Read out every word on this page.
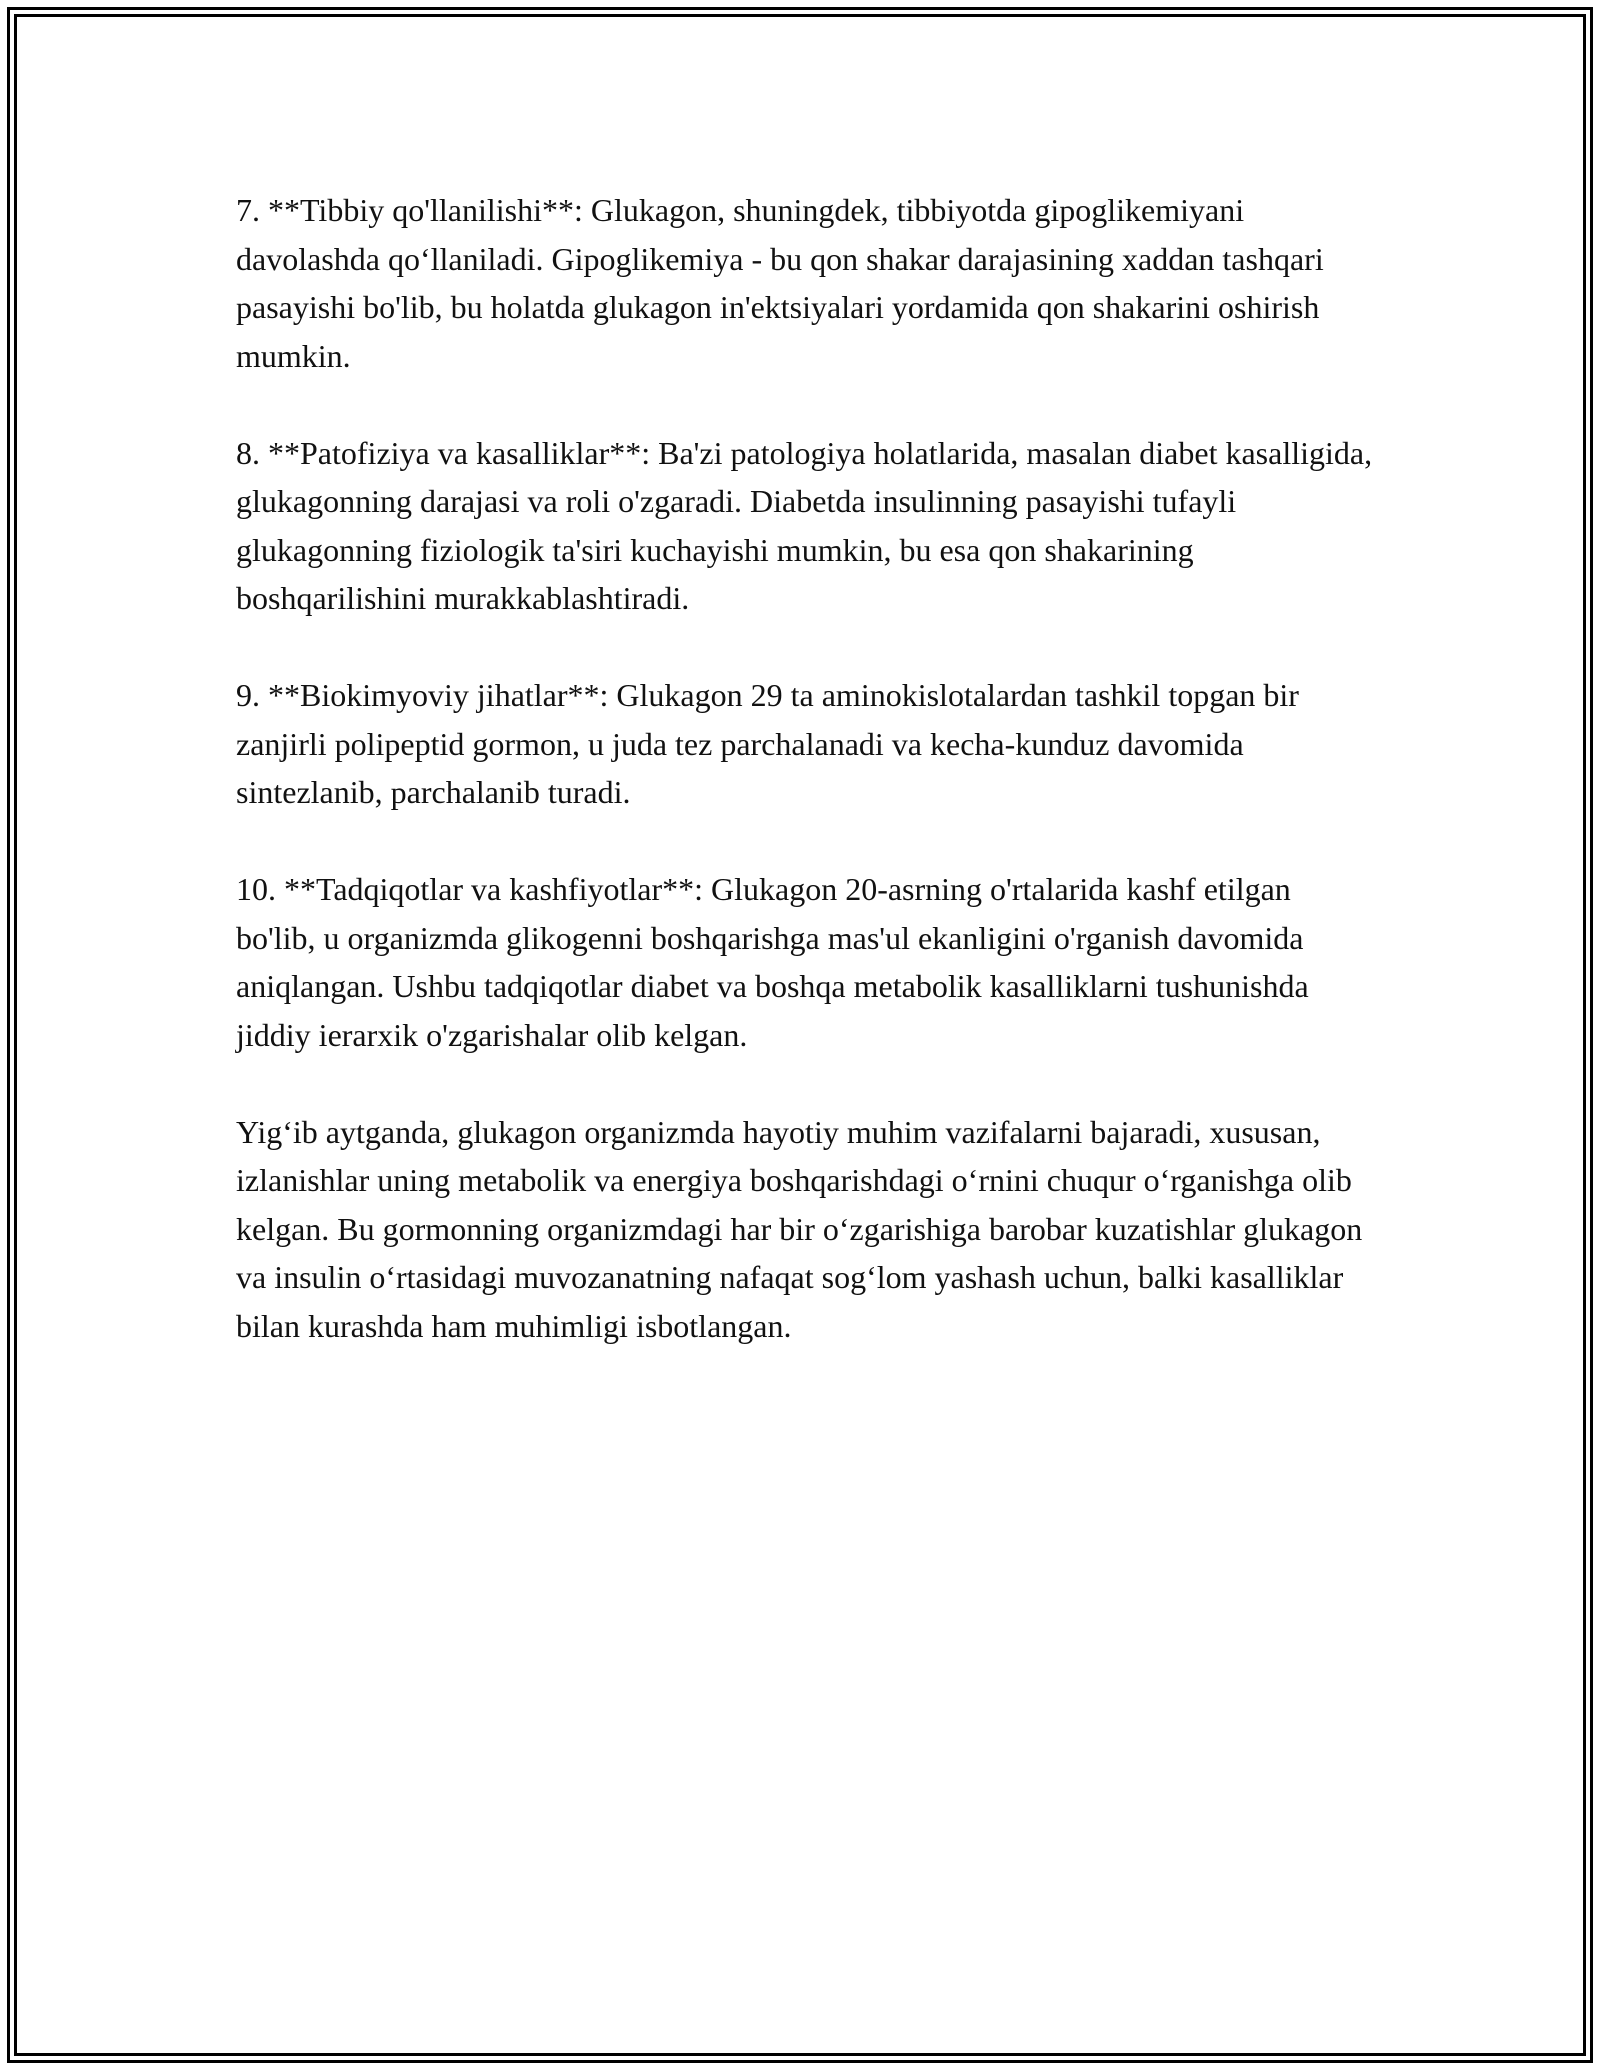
7. **Tibbiy qo'llanilishi**: Glukagon, shuningdek, tibbiyotda gipoglikemiyani davolashda qo‘llaniladi. Gipoglikemiya - bu qon shakar darajasining xaddan tashqari pasayishi bo'lib, bu holatda glukagon in'ektsiyalari yordamida qon shakarini oshirish mumkin.

8. **Patofiziya va kasalliklar**: Ba'zi patologiya holatlarida, masalan diabet kasalligida, glukagonning darajasi va roli o'zgaradi. Diabetda insulinning pasayishi tufayli glukagonning fiziologik ta'siri kuchayishi mumkin, bu esa qon shakarining boshqarilishini murakkablashtiradi.

9. **Biokimyoviy jihatlar**: Glukagon 29 ta aminokislotalardan tashkil topgan bir zanjirli polipeptid gormon, u juda tez parchalanadi va kecha-kunduz davomida sintezlanib, parchalanib turadi.

10. **Tadqiqotlar va kashfiyotlar**: Glukagon 20-asrning o'rtalarida kashf etilgan bo'lib, u organizmda glikogenni boshqarishga mas'ul ekanligini o'rganish davomida aniqlangan. Ushbu tadqiqotlar diabet va boshqa metabolik kasalliklarni tushunishda jiddiy ierarxik o'zgarishalar olib kelgan.

Yig‘ib aytganda, glukagon organizmda hayotiy muhim vazifalarni bajaradi, xususan, izlanishlar uning metabolik va energiya boshqarishdagi o‘rnini chuqur o‘rganishga olib kelgan. Bu gormonning organizmdagi har bir o‘zgarishiga barobar kuzatishlar glukagon va insulin o‘rtasidagi muvozanatning nafaqat sog‘lom yashash uchun, balki kasalliklar bilan kurashda ham muhimligi isbotlangan.
